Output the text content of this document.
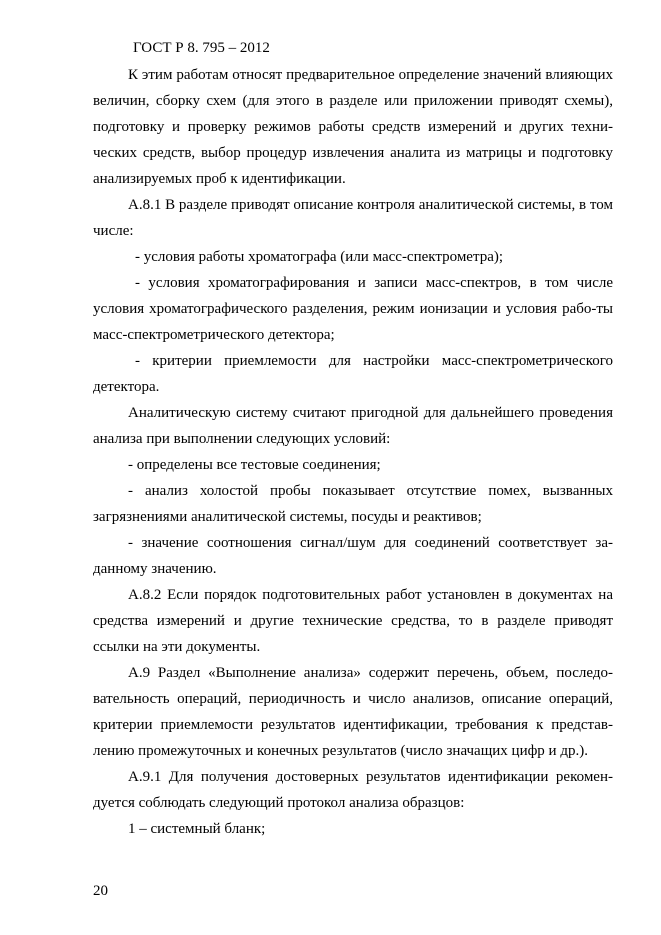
ГОСТ Р 8. 795 – 2012

К этим работам относят предварительное определение значений влияющих величин, сборку схем (для этого в разделе или приложении приводят схемы), подготовку и проверку режимов работы средств измерений и других техни-ческих средств, выбор процедур извлечения аналита из матрицы и подготовку анализируемых проб к идентификации.

А.8.1 В разделе приводят описание контроля аналитической системы, в том числе:

- условия работы хроматографа (или масс-спектрометра);

- условия хроматографирования и записи масс-спектров, в том числе условия хроматографического разделения, режим ионизации и условия рабо-ты масс-спектрометрического детектора;

- критерии приемлемости для настройки масс-спектрометрического детектора.

Аналитическую систему считают пригодной для дальнейшего проведения анализа при выполнении следующих условий:

- определены все тестовые соединения;

- анализ холостой пробы показывает отсутствие помех, вызванных загрязнениями аналитической системы, посуды и реактивов;

- значение соотношения сигнал/шум для соединений соответствует за-данному значению.

А.8.2 Если порядок подготовительных работ установлен в документах на средства измерений и другие технические средства, то в разделе приводят ссылки на эти документы.

А.9 Раздел «Выполнение анализа» содержит перечень, объем, последо-вательность операций, периодичность и число анализов, описание операций, критерии приемлемости результатов идентификации, требования к представ-лению промежуточных и конечных результатов (число значащих цифр и др.).

А.9.1 Для получения достоверных результатов идентификации рекомен-дуется соблюдать следующий протокол анализа образцов:

1 – системный бланк;

20
